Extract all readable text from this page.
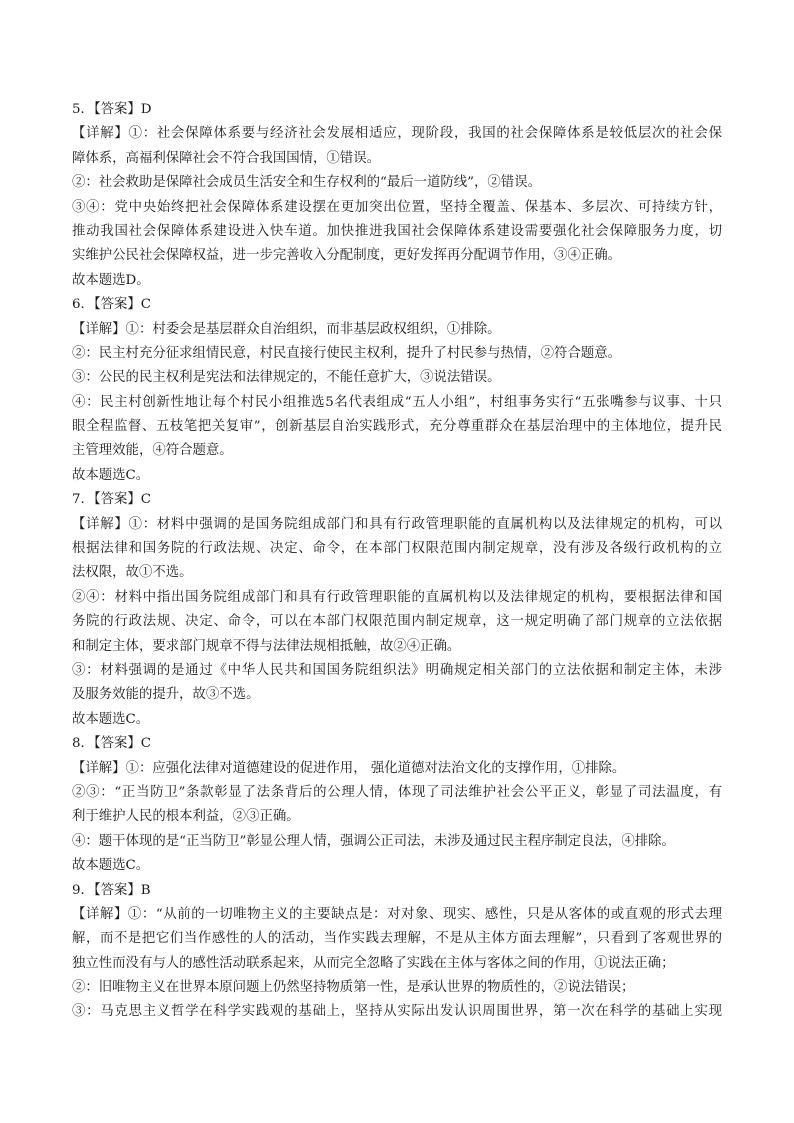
5．【答案】D
【详解】①：社会保障体系要与经济社会发展相适应，现阶段，我国的社会保障体系是较低层次的社会保
障体系，高福利保障社会不符合我国国情，①错误。
②：社会救助是保障社会成员生活安全和生存权利的“最后一道防线”，②错误。
③④：党中央始终把社会保障体系建设摆在更加突出位置，坚持全覆盖、保基本、多层次、可持续方针，
推动我国社会保障体系建设进入快车道。加快推进我国社会保障体系建设需要强化社会保障服务力度，切
实维护公民社会保障权益，进一步完善收入分配制度，更好发挥再分配调节作用，③④正确。
故本题选D。
6．【答案】C
【详解】①：村委会是基层群众自治组织，而非基层政权组织，①排除。
②：民主村充分征求组情民意，村民直接行使民主权利，提升了村民参与热情，②符合题意。
③：公民的民主权利是宪法和法律规定的，不能任意扩大，③说法错误。
④：民主村创新性地让每个村民小组推选5名代表组成“五人小组”，村组事务实行“五张嘴参与议事、十只
眼全程监督、五枝笔把关复审”，创新基层自治实践形式，充分尊重群众在基层治理中的主体地位，提升民
主管理效能，④符合题意。
故本题选C。
7．【答案】C
【详解】①：材料中强调的是国务院组成部门和具有行政管理职能的直属机构以及法律规定的机构，可以
根据法律和国务院的行政法规、决定、命令，在本部门权限范围内制定规章，没有涉及各级行政机构的立
法权限，故①不选。
②④：材料中指出国务院组成部门和具有行政管理职能的直属机构以及法律规定的机构，要根据法律和国
务院的行政法规、决定、命令，可以在本部门权限范围内制定规章，这一规定明确了部门规章的立法依据
和制定主体，要求部门规章不得与法律法规相抵触，故②④正确。
③：材料强调的是通过《中华人民共和国国务院组织法》明确规定相关部门的立法依据和制定主体，未涉
及服务效能的提升，故③不选。
故本题选C。
8．【答案】C
【详解】①：应强化法律对道德建设的促进作用， 强化道德对法治文化的支撑作用，①排除。
②③：“正当防卫”条款彰显了法条背后的公理人情，体现了司法维护社会公平正义，彰显了司法温度，有
利于维护人民的根本利益，②③正确。
④：题干体现的是“正当防卫”彰显公理人情，强调公正司法，未涉及通过民主程序制定良法，④排除。
故本题选C。
9．【答案】B
【详解】①：“从前的一切唯物主义的主要缺点是：对对象、现实、感性，只是从客体的或直观的形式去理
解，而不是把它们当作感性的人的活动，当作实践去理解，不是从主体方面去理解”，只看到了客观世界的
独立性而没有与人的感性活动联系起来，从而完全忽略了实践在主体与客体之间的作用，①说法正确；
②：旧唯物主义在世界本原问题上仍然坚持物质第一性，是承认世界的物质性的，②说法错误；
③：马克思主义哲学在科学实践观的基础上，坚持从实际出发认识周围世界，第一次在科学的基础上实现
